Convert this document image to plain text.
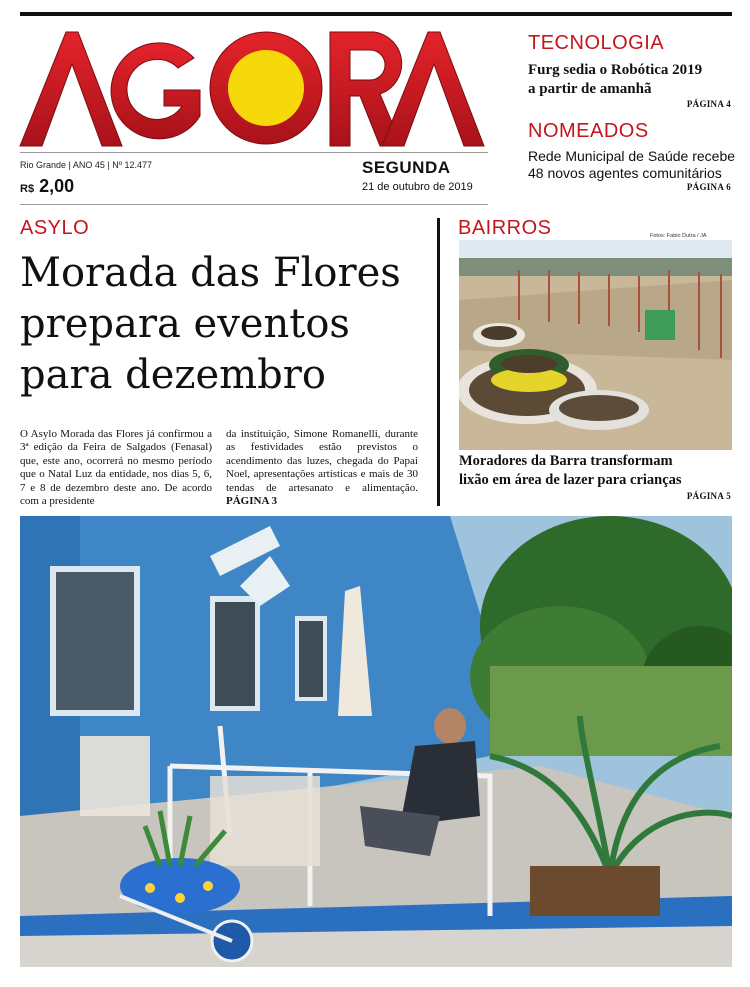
Rio Grande | ANO 45 | Nº 12.477
R$ 2,00
SEGUNDA
21 de outubro de 2019
TECNOLOGIA
Furg sedia o Robótica 2019
a partir de amanhã
PÁGINA 4
NOMEADOS
Rede Municipal de Saúde recebe
48 novos agentes comunitários
PÁGINA 6
ASYLO
Morada das Flores
prepara eventos
para dezembro
O Asylo Morada das Flores já confirmou a 3ª edição da Feira de Salgados (Fenasal) que, este ano, ocorrerá no mesmo período que o Natal Luz da entidade, nos dias 5, 6, 7 e 8 de dezembro deste ano. De acordo com a presidente
da instituição, Simone Romanelli, durante as festividades estão previstos o acendimento das luzes, chegada do Papai Noel, apresentações artísticas e mais de 30 tendas de artesanato e alimentação. PÁGINA 3
BAIRROS	Fotos: Fabio Dutra / JA
Moradores da Barra transformam
lixão em área de lazer para crianças
PÁGINA 5
